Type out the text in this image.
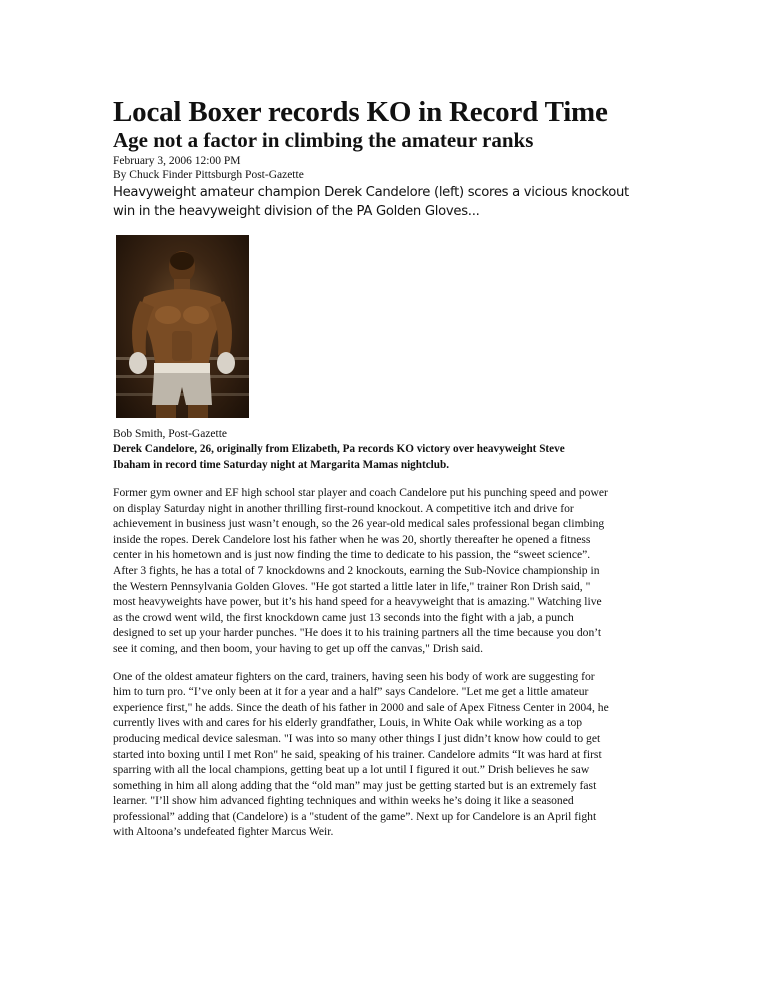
Local Boxer records KO in Record Time
Age not a factor in climbing the amateur ranks
February 3, 2006 12:00 PM
By Chuck Finder Pittsburgh Post-Gazette
Heavyweight amateur champion Derek Candelore (left) scores a vicious knockout
win in the heavyweight division of the PA Golden Gloves...
Bob Smith, Post-Gazette
Derek Candelore, 26, originally from Elizabeth, Pa records KO victory over heavyweight Steve
Ibaham in record time Saturday night at Margarita Mamas nightclub.

Former gym owner and EF high school star player and coach Candelore put his punching speed and power
on display Saturday night in another thrilling first-round knockout. A competitive itch and drive for
achievement in business just wasn’t enough, so the 26 year-old medical sales professional began climbing
inside the ropes. Derek Candelore lost his father when he was 20, shortly thereafter he opened a fitness
center in his hometown and is just now finding the time to dedicate to his passion, the “sweet science”.
After 3 fights, he has a total of 7 knockdowns and 2 knockouts, earning the Sub-Novice championship in
the Western Pennsylvania Golden Gloves. "He got started a little later in life," trainer Ron Drish said, "
most heavyweights have power, but it’s his hand speed for a heavyweight that is amazing." Watching live
as the crowd went wild, the first knockdown came just 13 seconds into the fight with a jab, a punch
designed to set up your harder punches. "He does it to his training partners all the time because you don’t
see it coming, and then boom, your having to get up off the canvas," Drish said.

One of the oldest amateur fighters on the card, trainers, having seen his body of work are suggesting for
him to turn pro. “I’ve only been at it for a year and a half” says Candelore. "Let me get a little amateur
experience first," he adds. Since the death of his father in 2000 and sale of Apex Fitness Center in 2004, he
currently lives with and cares for his elderly grandfather, Louis, in White Oak while working as a top
producing medical device salesman. "I was into so many other things I just didn’t know how could to get
started into boxing until I met Ron" he said, speaking of his trainer. Candelore admits “It was hard at first
sparring with all the local champions, getting beat up a lot until I figured it out.” Drish believes he saw
something in him all along adding that the “old man” may just be getting started but is an extremely fast
learner. "I’ll show him advanced fighting techniques and within weeks he’s doing it like a seasoned
professional” adding that (Candelore) is a "student of the game”. Next up for Candelore is an April fight
with Altoona’s undefeated fighter Marcus Weir.
